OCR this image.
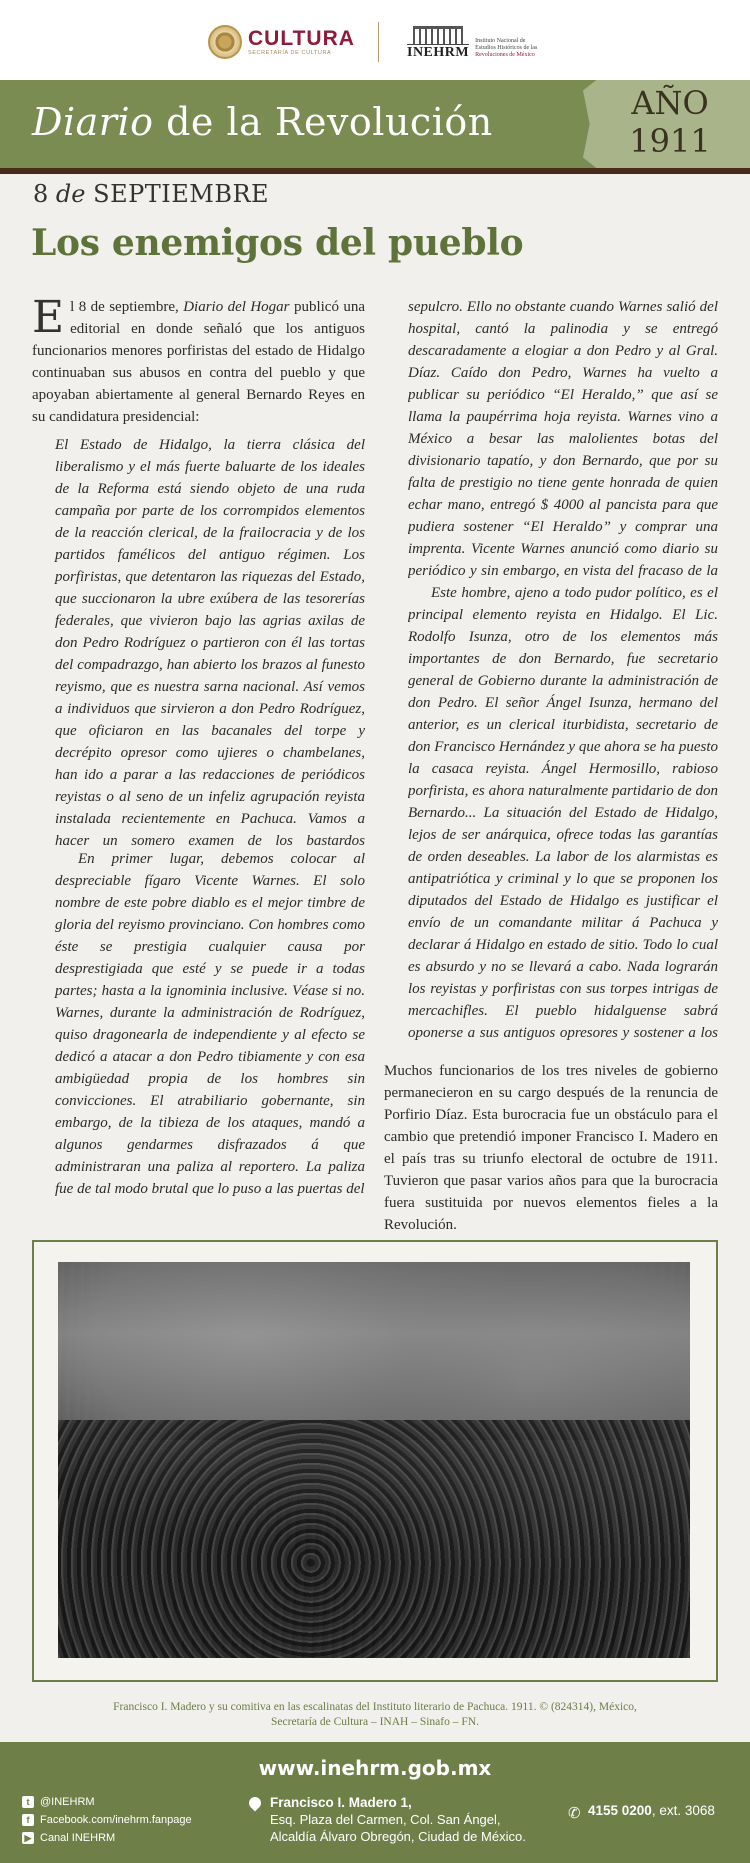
CULTURA
SECRETARÍA DE CULTURA	INEHRM
Instituto Nacional de
Estudios Históricos de las
Revoluciones de México
Diario de la Revolución	AÑO
1911
8 de SEPTIEMBRE
Los enemigos del pueblo

El 8 de septiembre, Diario del Hogar publicó una editorial en donde señaló que los antiguos funcionarios menores porfiristas del estado de Hidalgo continuaban sus abusos en contra del pueblo y que apoyaban abiertamente al general Bernardo Reyes en su candidatura presidencial:

El Estado de Hidalgo, la tierra clásica del liberalismo y el más fuerte baluarte de los ideales de la Reforma está siendo objeto de una ruda campaña por parte de los corrompidos elementos de la reacción clerical, de la frailocracia y de los partidos famélicos del antiguo régimen. Los porfiristas, que detentaron las riquezas del Estado, que succionaron la ubre exúbera de las tesorerías federales, que vivieron bajo las agrias axilas de don Pedro Rodríguez o partieron con él las tortas del compadrazgo, han abierto los brazos al funesto reyismo, que es nuestra sarna nacional. Así vemos a individuos que sirvieron a don Pedro Rodríguez, que oficiaron en las bacanales del torpe y decrépito opresor como ujieres o chambelanes, han ido a parar a las redacciones de periódicos reyistas o al seno de un infeliz agrupación reyista instalada recientemente en Pachuca. Vamos a hacer un somero examen de los bastardos

En primer lugar, debemos colocar al despreciable fígaro Vicente Warnes. El solo nombre de este pobre diablo es el mejor timbre de gloria del reyismo provinciano. Con hombres como éste se prestigia cualquier causa por desprestigiada que esté y se puede ir a todas partes; hasta a la ignominia inclusive. Véase si no. Warnes, durante la administración de Rodríguez, quiso dragonearla de independiente y al efecto se dedicó a atacar a don Pedro tibiamente y con esa ambigüedad propia de los hombres sin convicciones. El atrabiliario gobernante, sin embargo, de la tibieza de los ataques, mandó a algunos gendarmes disfrazados á que administraran una paliza al reportero. La paliza fue de tal modo brutal que lo puso a las puertas del

sepulcro. Ello no obstante cuando Warnes salió del hospital, cantó la palinodia y se entregó descaradamente a elogiar a don Pedro y al Gral. Díaz. Caído don Pedro, Warnes ha vuelto a publicar su periódico “El Heraldo,” que así se llama la paupérrima hoja reyista. Warnes vino a México a besar las malolientes botas del divisionario tapatío, y don Bernardo, que por su falta de prestigio no tiene gente honrada de quien echar mano, entregó $ 4000 al pancista para que pudiera sostener “El Heraldo” y comprar una imprenta. Vicente Warnes anunció como diario su periódico y sin embargo, en vista del fracaso de la

Este hombre, ajeno a todo pudor político, es el principal elemento reyista en Hidalgo. El Lic. Rodolfo Isunza, otro de los elementos más importantes de don Bernardo, fue secretario general de Gobierno durante la administración de don Pedro. El señor Ángel Isunza, hermano del anterior, es un clerical iturbidista, secretario de don Francisco Hernández y que ahora se ha puesto la casaca reyista. Ángel Hermosillo, rabioso porfirista, es ahora naturalmente partidario de don Bernardo... La situación del Estado de Hidalgo, lejos de ser anárquica, ofrece todas las garantías de orden deseables. La labor de los alarmistas es antipatriótica y criminal y lo que se proponen los diputados del Estado de Hidalgo es justificar el envío de un comandante militar á Pachuca y declarar á Hidalgo en estado de sitio. Todo lo cual es absurdo y no se llevará a cabo. Nada lograrán los reyistas y porfiristas con sus torpes intrigas de mercachifles. El pueblo hidalguense sabrá oponerse a sus antiguos opresores y sostener a los

Muchos funcionarios de los tres niveles de gobierno permanecieron en su cargo después de la renuncia de Porfirio Díaz. Esta burocracia fue un obstáculo para el cambio que pretendió imponer Francisco I. Madero en el país tras su triunfo electoral de octubre de 1911. Tuvieron que pasar varios años para que la burocracia fuera sustituida por nuevos elementos fieles a la Revolución.

Francisco I. Madero y su comitiva en las escalinatas del Instituto literario de Pachuca. 1911. © (824314), México,
Secretaría de Cultura – INAH – Sinafo – FN.
www.inehrm.gob.mx
t @INEHRM
f Facebook.com/inehrm.fanpage
▶ Canal INEHRM
Francisco I. Madero 1,
Esq. Plaza del Carmen, Col. San Ángel,
Alcaldía Álvaro Obregón, Ciudad de México.
✆ 4155 0200, ext. 3068
